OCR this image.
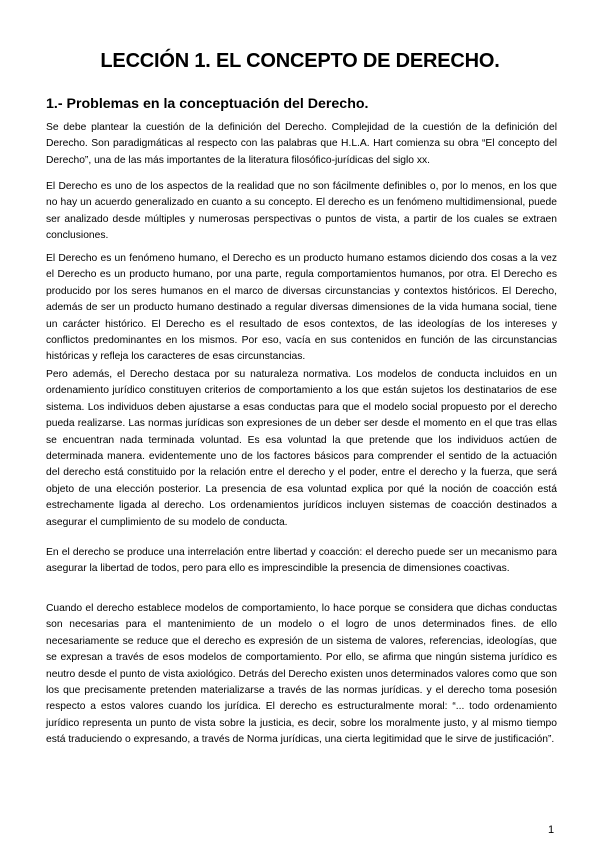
LECCIÓN 1. EL CONCEPTO DE DERECHO.
1.- Problemas en la conceptuación del Derecho.

Se debe plantear la cuestión de la definición del Derecho. Complejidad de la cuestión de la definición del Derecho. Son paradigmáticas al respecto con las palabras que H.L.A. Hart comienza su obra “El concepto del Derecho”, una de las más importantes de la literatura filosófico-jurídicas del siglo xx.

El Derecho es uno de los aspectos de la realidad que no son fácilmente definibles o, por lo menos, en los que no hay un acuerdo generalizado en cuanto a su concepto. El derecho es un fenómeno multidimensional, puede ser analizado desde múltiples y numerosas perspectivas o puntos de vista, a partir de los cuales se extraen conclusiones.

El Derecho es un fenómeno humano, el Derecho es un producto humano estamos diciendo dos cosas a la vez el Derecho es un producto humano, por una parte, regula comportamientos humanos, por otra. El Derecho es producido por los seres humanos en el marco de diversas circunstancias y contextos históricos. El Derecho, además de ser un producto humano destinado a regular diversas dimensiones de la vida humana social, tiene un carácter histórico. El Derecho es el resultado de esos contextos, de las ideologías de los intereses y conflictos predominantes en los mismos. Por eso, vacía en sus contenidos en función de las circunstancias históricas y refleja los caracteres de esas circunstancias.

Pero además, el Derecho destaca por su naturaleza normativa. Los modelos de conducta incluidos en un ordenamiento jurídico constituyen criterios de comportamiento a los que están sujetos los destinatarios de ese sistema. Los individuos deben ajustarse a esas conductas para que el modelo social propuesto por el derecho pueda realizarse. Las normas jurídicas son expresiones de un deber ser desde el momento en el que tras ellas se encuentran nada terminada voluntad. Es esa voluntad la que pretende que los individuos actúen de determinada manera. evidentemente uno de los factores básicos para comprender el sentido de la actuación del derecho está constituido por la relación entre el derecho y el poder, entre el derecho y la fuerza, que será objeto de una elección posterior. La presencia de esa voluntad explica por qué la noción de coacción está estrechamente ligada al derecho. Los ordenamientos jurídicos incluyen sistemas de coacción destinados a asegurar el cumplimiento de su modelo de conducta.

En el derecho se produce una interrelación entre libertad y coacción: el derecho puede ser un mecanismo para asegurar la libertad de todos, pero para ello es imprescindible la presencia de dimensiones coactivas.

Cuando el derecho establece modelos de comportamiento, lo hace porque se considera que dichas conductas son necesarias para el mantenimiento de un modelo o el logro de unos determinados fines. de ello necesariamente se reduce que el derecho es expresión de un sistema de valores, referencias, ideologías, que se expresan a través de esos modelos de comportamiento. Por ello, se afirma que ningún sistema jurídico es neutro desde el punto de vista axiológico. Detrás del Derecho existen unos determinados valores como que son los que precisamente pretenden materializarse a través de las normas jurídicas. y el derecho toma posesión respecto a estos valores cuando los jurídica. El derecho es estructuralmente moral: “... todo ordenamiento jurídico representa un punto de vista sobre la justicia, es decir, sobre los moralmente justo, y al mismo tiempo está traduciendo o expresando, a través de Norma jurídicas, una cierta legitimidad que le sirve de justificación”.

1
